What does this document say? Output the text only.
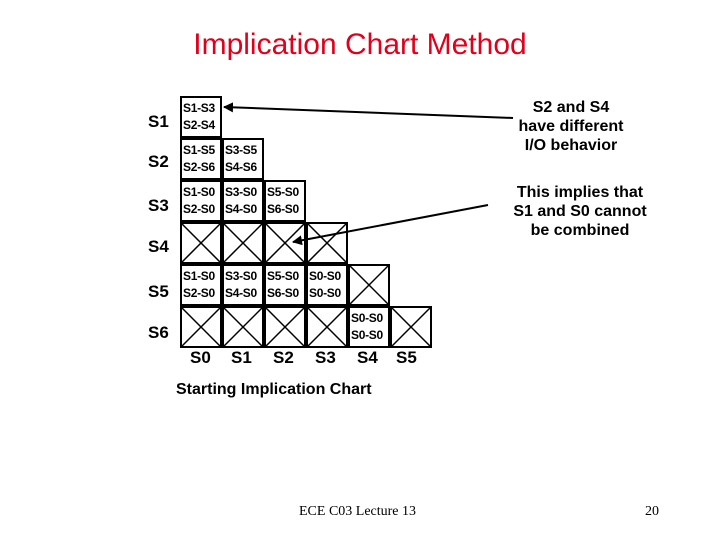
Implication Chart Method
S1-S3
S2-S4
S1-S5
S2-S6
S3-S5
S4-S6
S1-S0
S2-S0
S3-S0
S4-S0
S5-S0
S6-S0
S1-S0
S2-S0
S3-S0
S4-S0
S5-S0
S6-S0
S0-S0
S0-S0
S0-S0
S0-S0
S1
S2
S3
S4
S5
S6
S0 S1 S2 S3 S4 S5
S2 and S4
have different
I/O behavior
This implies that
S1 and S0 cannot
be combined
Starting Implication Chart
ECE C03 Lecture 13	20
